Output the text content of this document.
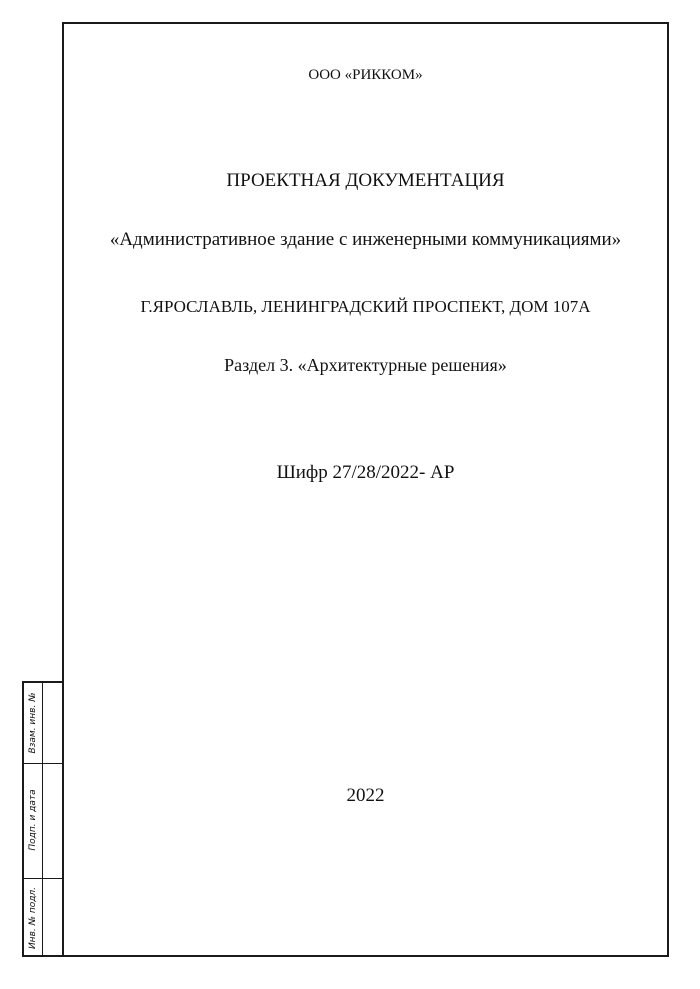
ООО «РИККОМ»
ПРОЕКТНАЯ ДОКУМЕНТАЦИЯ
«Административное здание с инженерными коммуникациями»
Г.ЯРОСЛАВЛЬ, ЛЕНИНГРАДСКИЙ ПРОСПЕКТ, ДОМ 107А
Раздел 3. «Архитектурные решения»
Шифр 27/28/2022- АР
2022
Взам. инв. №
Подп. и дата
Инв. № подл.
